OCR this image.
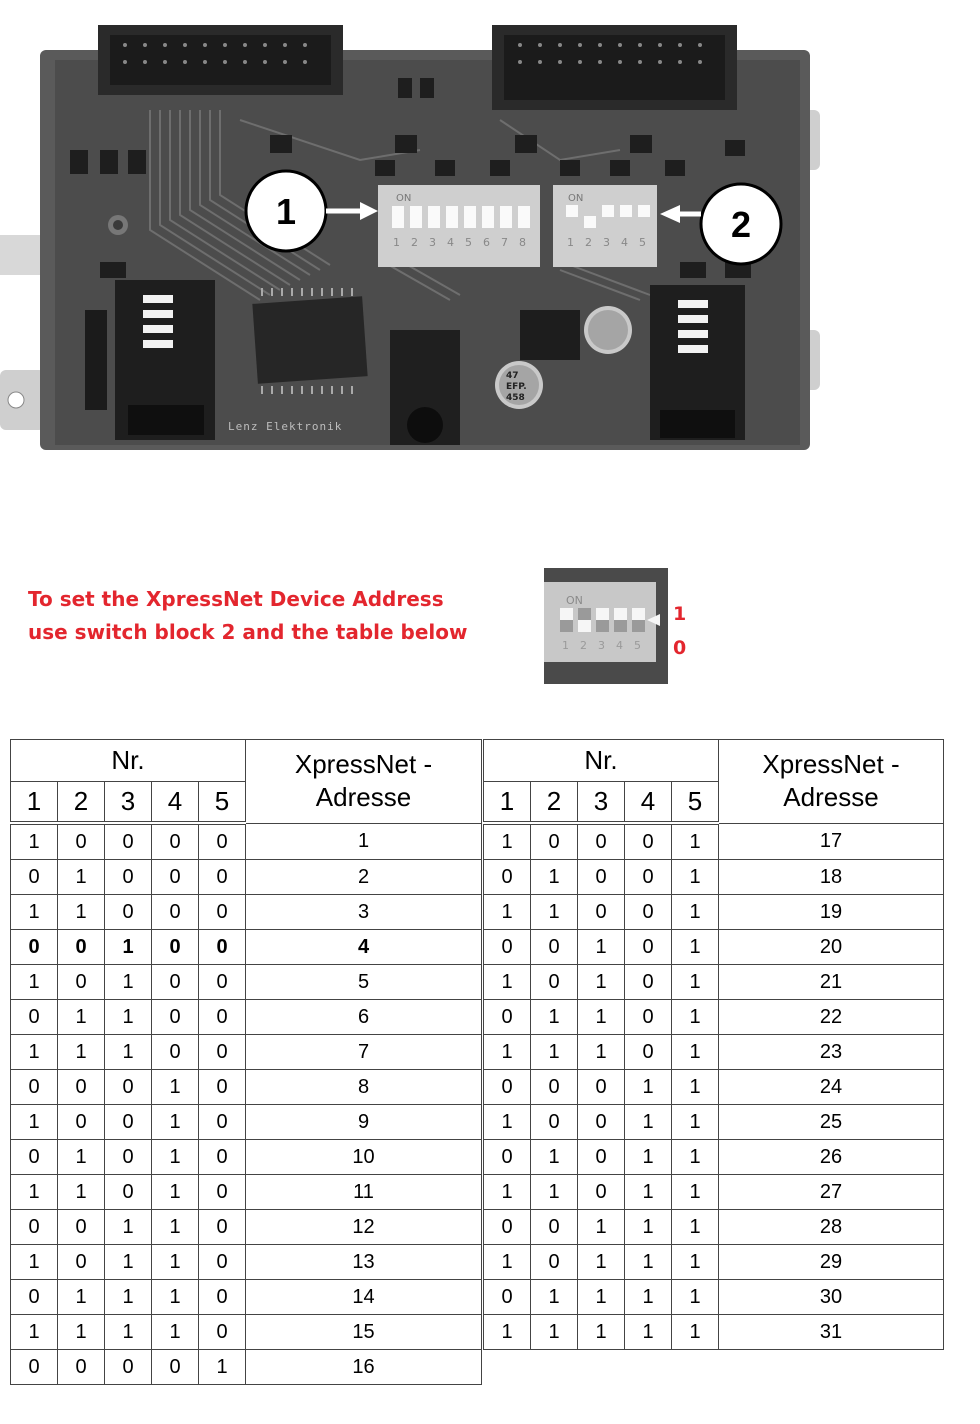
ON
1 2 3 4 5 6 7 8
ON
1 2 3 4 5
1	2
47
EFP.
458
Lenz Elektronik
To set the XpressNet Device Address
use switch block 2 and the table below
ON
1 2 3 4 5
1
0
Nr.					XpressNet -
Adresse
1	2	3	4	5	
1	0	0	0	0	1
0	1	0	0	0	2
1	1	0	0	0	3
0	0	1	0	0	4
1	0	1	0	0	5
0	1	1	0	0	6
1	1	1	0	0	7
0	0	0	1	0	8
1	0	0	1	0	9
0	1	0	1	0	10
1	1	0	1	0	11
0	0	1	1	0	12
1	0	1	1	0	13
0	1	1	1	0	14
1	1	1	1	0	15
0	0	0	0	1	16
Nr.					XpressNet -
Adresse
1	2	3	4	5	
1	0	0	0	1	17
0	1	0	0	1	18
1	1	0	0	1	19
0	0	1	0	1	20
1	0	1	0	1	21
0	1	1	0	1	22
1	1	1	0	1	23
0	0	0	1	1	24
1	0	0	1	1	25
0	1	0	1	1	26
1	1	0	1	1	27
0	0	1	1	1	28
1	0	1	1	1	29
0	1	1	1	1	30
1	1	1	1	1	31
